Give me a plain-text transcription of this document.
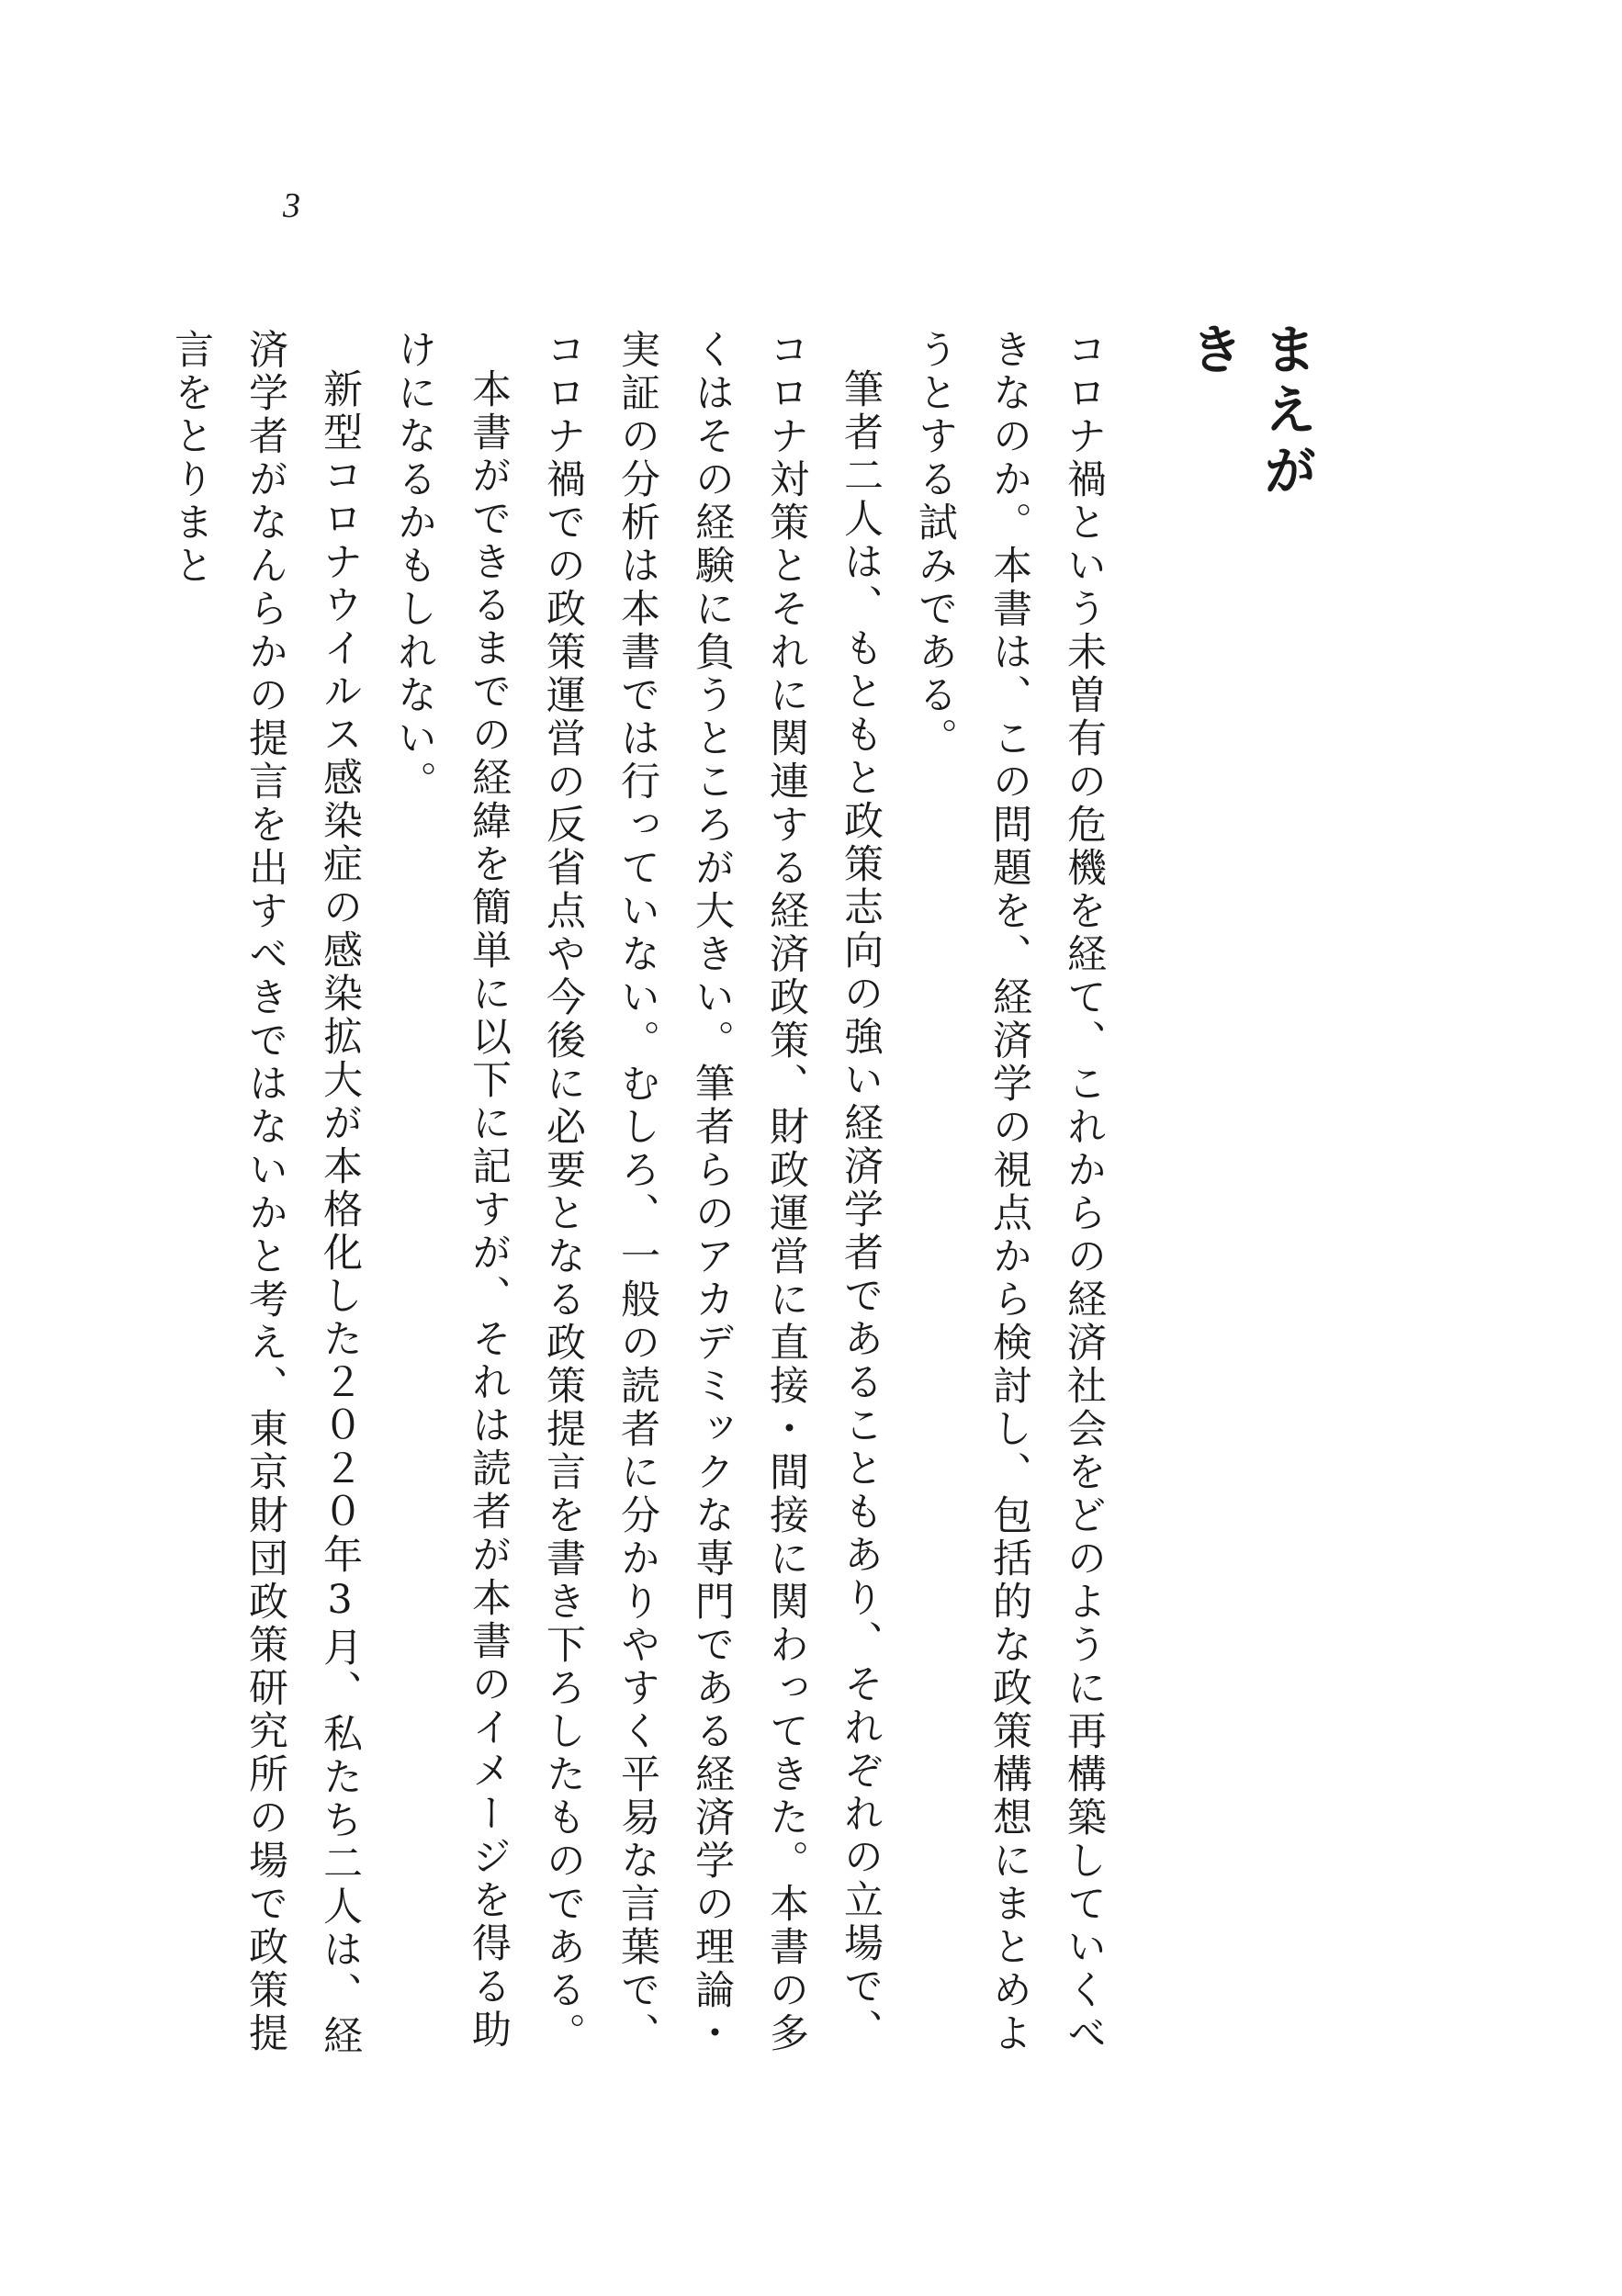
3
まえがき

コロナ禍という未曽有の危機を経て、これからの経済社会をどのように再構築していくべきなのか。本書は、この問題を、経済学の視点から検討し、包括的な政策構想にまとめようとする試みである。

筆者二人は、もともと政策志向の強い経済学者であることもあり、それぞれの立場で、コロナ対策とそれに関連する経済政策、財政運営に直接・間接に関わってきた。本書の多くはその経験に負うところが大きい。筆者らのアカデミックな専門である経済学の理論・実証の分析は本書では行っていない。むしろ、一般の読者に分かりやすく平易な言葉で、コロナ禍での政策運営の反省点や今後に必要となる政策提言を書き下ろしたものである。

本書ができるまでの経緯を簡単に以下に記すが、それは読者が本書のイメージを得る助けになるかもしれない。

新型コロナウイルス感染症の感染拡大が本格化した２０２０年3月、私たち二人は、経済学者がなんらかの提言を出すべきではないかと考え、東京財団政策研究所の場で政策提言をとりまと
